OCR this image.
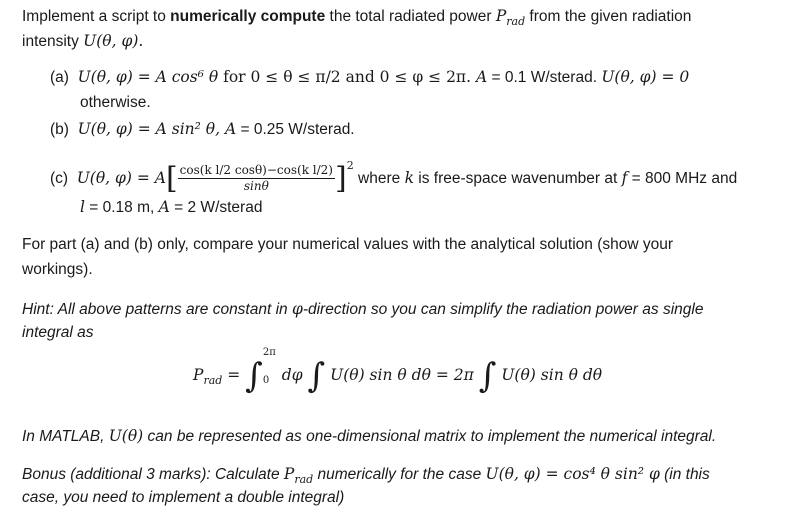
Implement a script to numerically compute the total radiated power $P_{rad}$ from the given radiation
intensity U(θ, φ).
(a) U(θ, φ) = A cos⁶ θ for 0 ≤ θ ≤ π/2 and 0 ≤ φ ≤ 2π. A = 0.1 W/sterad. U(θ, φ) = 0
otherwise.
(b) U(θ, φ) = A sin² θ, A = 0.25 W/sterad.
(c) U(θ, $\varphi) = A[ \frac{\text{cos(k l/2 cosθ)−cos(k l/2)}}{\sin\theta} ]^2$ where k is free-space wavenumber at f = 800 MHz and
l = 0.18 m, A = 2 W/sterad
For part (a) and (b) only, compare your numerical values with the analytical solution (show your
workings).
Hint: All above patterns are constant in φ-direction so you can simplify the radiation power as single
integral as
$P_{rad}$ = ∫
2π
0 dφ ∫ U(θ) sin θ dθ = 2π ∫ U(θ) sin θ dθ
In MATLAB, U(θ) can be represented as one-dimensional matrix to implement the numerical integral.
Bonus (additional 3 marks): Calculate $P_{rad}$ numerically for the case U(θ, φ) = cos⁴ θ sin² φ (in this
case, you need to implement a double integral)
